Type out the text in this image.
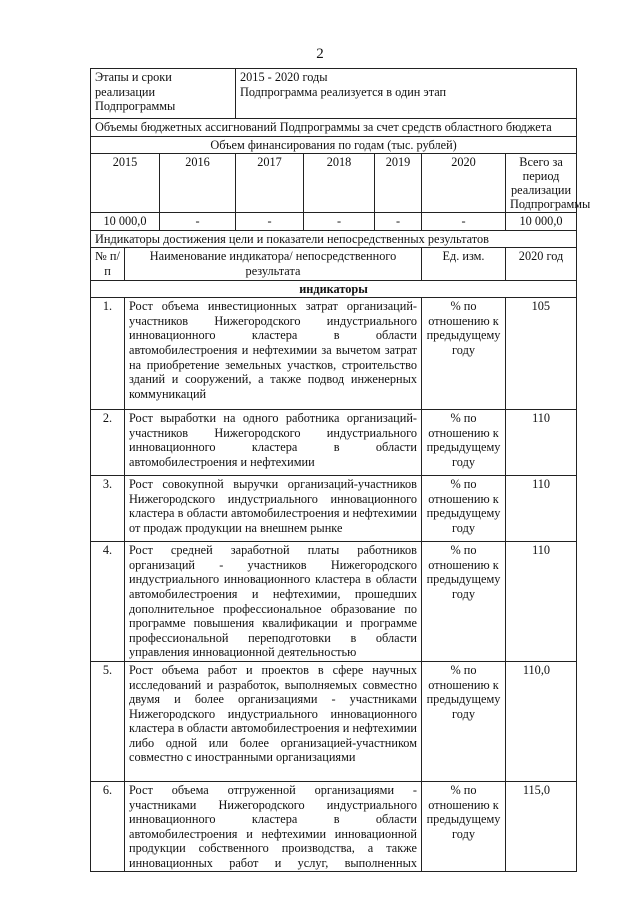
2
Этапы и сроки реализации Подпрограммы			2015 - 2020 годы
Подпрограмма реализуется в один этап				

Объемы бюджетных ассигнований Подпрограммы за счет средств областного бюджета							
Объем финансирования по годам (тыс. рублей)							
2015		2016	2017	2018	2019	2020	Всего за период реализации Подпрограммы
10 000,0		-	-	-	-	-	10 000,0
Индикаторы достижения цели и показатели непосредственных результатов							
№ п/п	Наименование индикатора/ непосредственного результата					Ед. изм.	2020 год
индикаторы							
1.	Рост объема инвестиционных затрат организаций-участников Нижегородского индустриального инновационного кластера в области автомобилестроения и нефтехимии за вычетом затрат на приобретение земельных участков, строительство зданий и сооружений, а также подвод инженерных коммуникаций					% по отношению к предыдущему году	105
2.	Рост выработки на одного работника организаций-участников Нижегородского индустриального инновационного кластера в области автомобилестроения и нефтехимии					% по отношению к предыдущему году	110
3.	Рост совокупной выручки организаций-участников Нижегородского индустриального инновационного кластера в области автомобилестроения и нефтехимии от продаж продукции на внешнем рынке					% по отношению к предыдущему году	110
4.	Рост средней заработной платы работников организаций - участников Нижегородского индустриального инновационного кластера в области автомобилестроения и нефтехимии, прошедших дополнительное профессиональное образование по программе повышения квалификации и программе профессиональной переподготовки в области управления инновационной деятельностью					% по отношению к предыдущему году	110
5.	Рост объема работ и проектов в сфере научных исследований и разработок, выполняемых совместно двумя и более организациями - участниками Нижегородского индустриального инновационного кластера в области автомобилестроения и нефтехимии либо одной или более организацией-участником совместно с иностранными организациями					% по отношению к предыдущему году	110,0
6.	Рост объема отгруженной организациями - участниками Нижегородского индустриального инновационного кластера в области автомобилестроения и нефтехимии инновационной продукции собственного производства, а также инновационных работ и услуг, выполненных					% по отношению к предыдущему году	115,0
